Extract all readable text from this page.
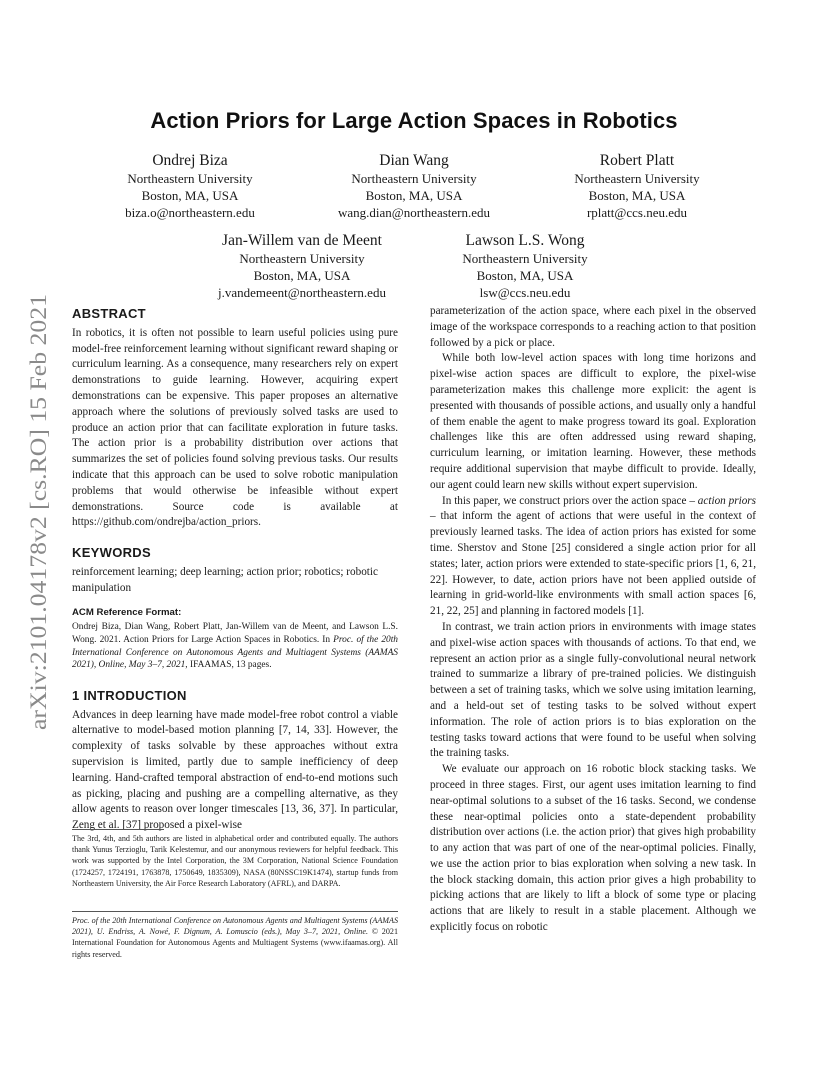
arXiv:2101.04178v2 [cs.RO] 15 Feb 2021
Action Priors for Large Action Spaces in Robotics
Ondrej Biza
Northeastern University
Boston, MA, USA
biza.o@northeastern.edu
Dian Wang
Northeastern University
Boston, MA, USA
wang.dian@northeastern.edu
Robert Platt
Northeastern University
Boston, MA, USA
rplatt@ccs.neu.edu
Jan-Willem van de Meent
Northeastern University
Boston, MA, USA
j.vandemeent@northeastern.edu
Lawson L.S. Wong
Northeastern University
Boston, MA, USA
lsw@ccs.neu.edu
ABSTRACT

In robotics, it is often not possible to learn useful policies using pure model-free reinforcement learning without significant reward shaping or curriculum learning. As a consequence, many researchers rely on expert demonstrations to guide learning. However, acquiring expert demonstrations can be expensive. This paper proposes an alternative approach where the solutions of previously solved tasks are used to produce an action prior that can facilitate exploration in future tasks. The action prior is a probability distribution over actions that summarizes the set of policies found solving previous tasks. Our results indicate that this approach can be used to solve robotic manipulation problems that would otherwise be infeasible without expert demonstrations. Source code is available at https://github.com/ondrejba/action_priors.

KEYWORDS

reinforcement learning; deep learning; action prior; robotics; robotic manipulation

ACM Reference Format:

Ondrej Biza, Dian Wang, Robert Platt, Jan-Willem van de Meent, and Lawson L.S. Wong. 2021. Action Priors for Large Action Spaces in Robotics. In Proc. of the 20th International Conference on Autonomous Agents and Multiagent Systems (AAMAS 2021), Online, May 3–7, 2021, IFAAMAS, 13 pages.

1 INTRODUCTION

Advances in deep learning have made model-free robot control a viable alternative to model-based motion planning [7, 14, 33]. However, the complexity of tasks solvable by these approaches without extra supervision is limited, partly due to sample inefficiency of deep learning. Hand-crafted temporal abstraction of end-to-end motions such as picking, placing and pushing are a compelling alternative, as they allow agents to reason over longer timescales [13, 36, 37]. In particular, Zeng et al. [37] proposed a pixel-wise

The 3rd, 4th, and 5th authors are listed in alphabetical order and contributed equally. The authors thank Yunus Terzioglu, Tarik Kelestemur, and our anonymous reviewers for helpful feedback. This work was supported by the Intel Corporation, the 3M Corporation, National Science Foundation (1724257, 1724191, 1763878, 1750649, 1835309), NASA (80NSSC19K1474), startup funds from Northeastern University, the Air Force Research Laboratory (AFRL), and DARPA.
Proc. of the 20th International Conference on Autonomous Agents and Multiagent Systems (AAMAS 2021), U. Endriss, A. Nowé, F. Dignum, A. Lomuscio (eds.), May 3–7, 2021, Online. © 2021 International Foundation for Autonomous Agents and Multiagent Systems (www.ifaamas.org). All rights reserved.

parameterization of the action space, where each pixel in the observed image of the workspace corresponds to a reaching action to that position followed by a pick or place.

While both low-level action spaces with long time horizons and pixel-wise action spaces are difficult to explore, the pixel-wise parameterization makes this challenge more explicit: the agent is presented with thousands of possible actions, and usually only a handful of them enable the agent to make progress toward its goal. Exploration challenges like this are often addressed using reward shaping, curriculum learning, or imitation learning. However, these methods require additional supervision that maybe difficult to provide. Ideally, our agent could learn new skills without expert supervision.

In this paper, we construct priors over the action space – action priors – that inform the agent of actions that were useful in the context of previously learned tasks. The idea of action priors has existed for some time. Sherstov and Stone [25] considered a single action prior for all states; later, action priors were extended to state-specific priors [1, 6, 21, 22]. However, to date, action priors have not been applied outside of learning in grid-world-like environments with small action spaces [6, 21, 22, 25] and planning in factored models [1].

In contrast, we train action priors in environments with image states and pixel-wise action spaces with thousands of actions. To that end, we represent an action prior as a single fully-convolutional neural network trained to summarize a library of pre-trained policies. We distinguish between a set of training tasks, which we solve using imitation learning, and a held-out set of testing tasks to be solved without expert information. The role of action priors is to bias exploration on the testing tasks toward actions that were found to be useful when solving the training tasks.

We evaluate our approach on 16 robotic block stacking tasks. We proceed in three stages. First, our agent uses imitation learning to find near-optimal solutions to a subset of the 16 tasks. Second, we condense these near-optimal policies onto a state-dependent probability distribution over actions (i.e. the action prior) that gives high probability to any action that was part of one of the near-optimal policies. Finally, we use the action prior to bias exploration when solving a new task. In the block stacking domain, this action prior gives a high probability to picking actions that are likely to lift a block of some type or placing actions that are likely to result in a stable placement. Although we explicitly focus on robotic
